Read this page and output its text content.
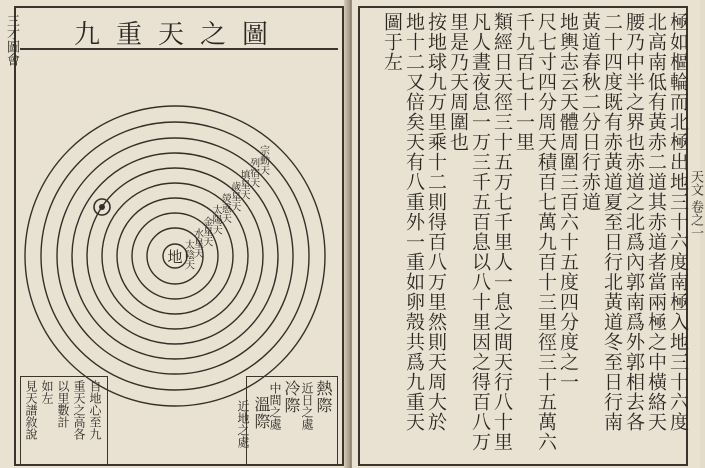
三才圖會 九重天之圖
地
宗動天
列宿天
填星天
歲星天
熒惑天
太陽天
金星天
水星天
太陰天
熱際
近日之處
冷際
中間之處
溫際
近地之處
自地心至九
重天之高各
以里數計
如左
見天譜敘說
天文 卷之一
極如樞輪而北極出地三十六度南極入地三十六度
北高南低有黃赤二道其赤道者當兩極之中橫絡天
腰乃中半之界也赤道之北爲內郭南爲外郭相去各
二十四度既有赤黃道夏至日行北黃道冬至日行南
黃道春秋二分日行赤道
地輿志云天體周圍三百六十五度四分度之一
尺七寸四分周天積百七萬九百十三里徑三十五萬六
千九百七十一里
類經日天徑三十五万七千里人一息之間天行八十里
凡人晝夜息一万三千五百息以八十里因之得百八万
里是乃天周圍也
按地球九万里乘十二則得百八万里然則天周大於
地十二又倍矣天有八重外一重如卵殼共爲九重天
圖于左
